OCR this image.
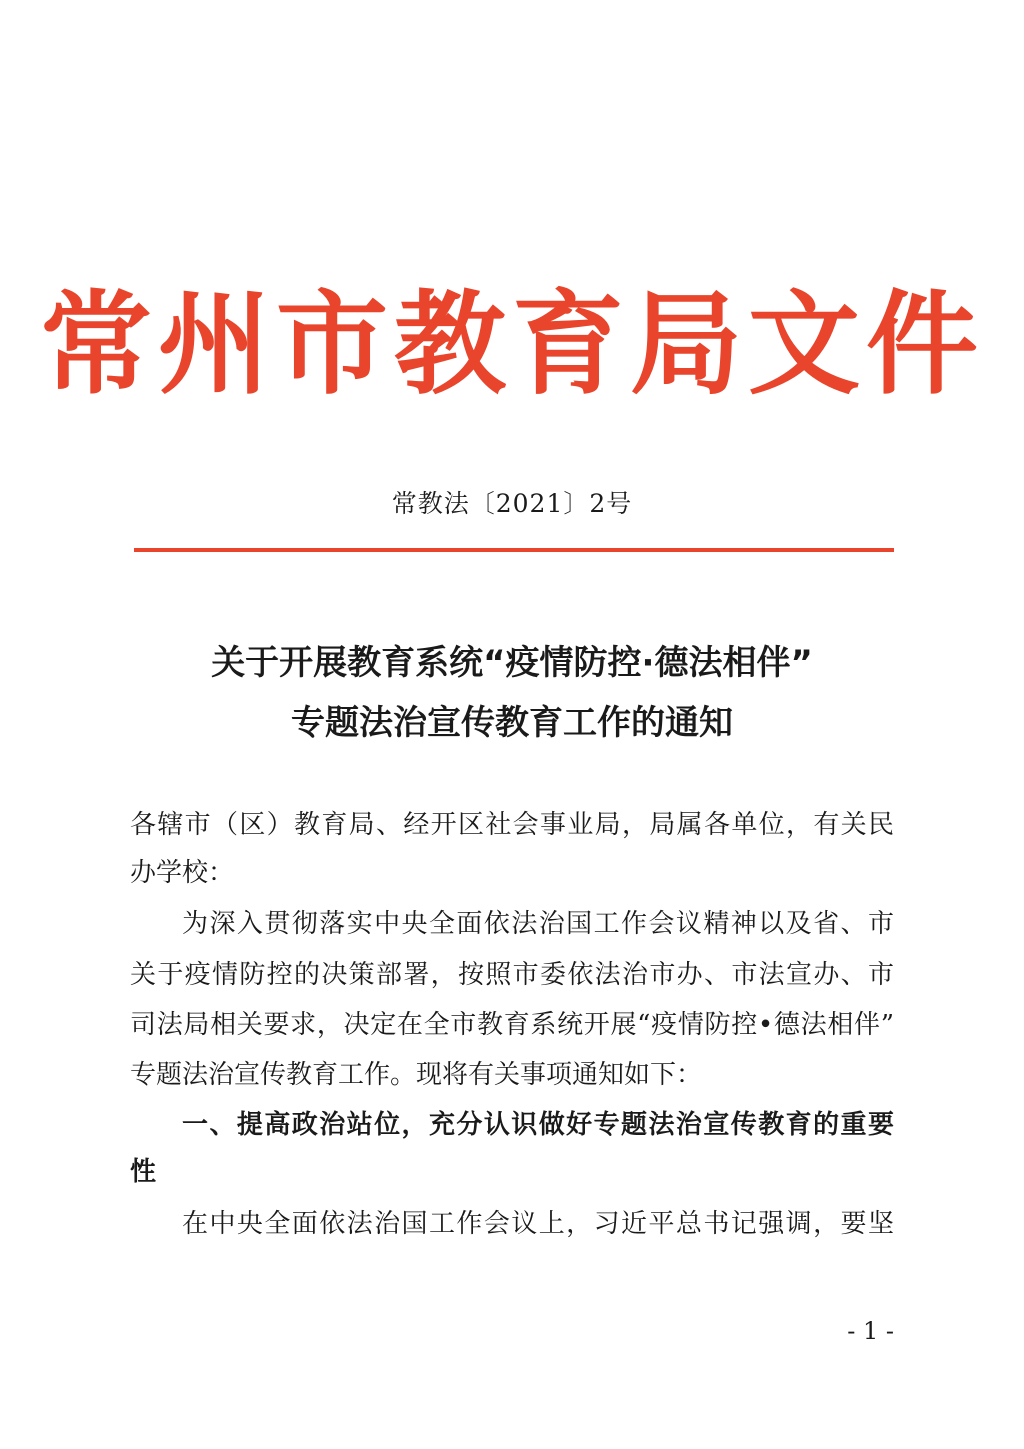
常州市教育局文件
常教法〔2021〕2号
关于开展教育系统“疫情防控·德法相伴”
专题法治宣传教育工作的通知
各辖市（区）教育局、经开区社会事业局，局属各单位，有关民
办学校：
为深入贯彻落实中央全面依法治国工作会议精神以及省、市
关于疫情防控的决策部署，按照市委依法治市办、市法宣办、市
司法局相关要求，决定在全市教育系统开展“疫情防控•德法相伴”
专题法治宣传教育工作。现将有关事项通知如下：
一、提高政治站位，充分认识做好专题法治宣传教育的重要
性
在中央全面依法治国工作会议上，习近平总书记强调，要坚
- 1 -
